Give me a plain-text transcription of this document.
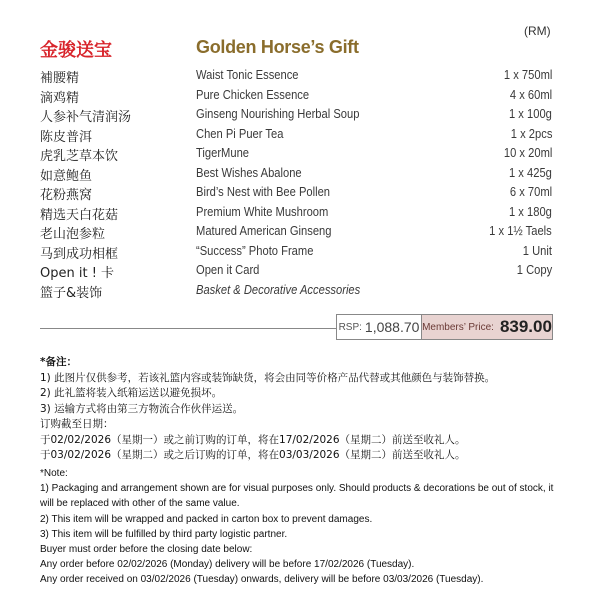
(RM)
金骏送宝	Golden Horse’s Gift
補腰精	Waist Tonic Essence	1 x 750ml
滴鸡精	Pure Chicken Essence	4 x 60ml
人参补气清润汤	Ginseng Nourishing Herbal Soup	1 x 100g
陈皮普洱	Chen Pi Puer Tea	1 x 2pcs
虎乳芝草本饮	TigerMune	10 x 20ml
如意鲍鱼	Best Wishes Abalone	1 x 425g
花粉燕窝	Bird’s Nest with Bee Pollen	6 x 70ml
精选天白花菇	Premium White Mushroom	1 x 180g
老山泡参粒	Matured American Ginseng	1 x 1½ Taels
马到成功相框	“Success” Photo Frame	1 Unit
Open it ! 卡	Open it Card	1 Copy
篮子&装饰	Basket & Decorative Accessories
RSP: 1,088.70 Members’ Price: 839.00
*备注：
1) 此图片仅供参考，若该礼篮内容或装饰缺货，将会由同等价格产品代替或其他颜色与装饰替换。
2) 此礼篮将装入纸箱运送以避免损坏。
3) 运输方式将由第三方物流合作伙伴运送。
订购截至日期：
于02/02/2026（星期一）或之前订购的订单，将在17/02/2026（星期二）前送至收礼人。
于03/02/2026（星期二）或之后订购的订单，将在03/03/2026（星期二）前送至收礼人。
*Note:
1) Packaging and arrangement shown are for visual purposes only. Should products & decorations be out of stock, it
will be replaced with other of the same value.
2) This item will be wrapped and packed in carton box to prevent damages.
3) This item will be fulfilled by third party logistic partner.
Buyer must order before the closing date below:
Any order before 02/02/2026 (Monday) delivery will be before 17/02/2026 (Tuesday).
Any order received on 03/02/2026 (Tuesday) onwards, delivery will be before 03/03/2026 (Tuesday).
